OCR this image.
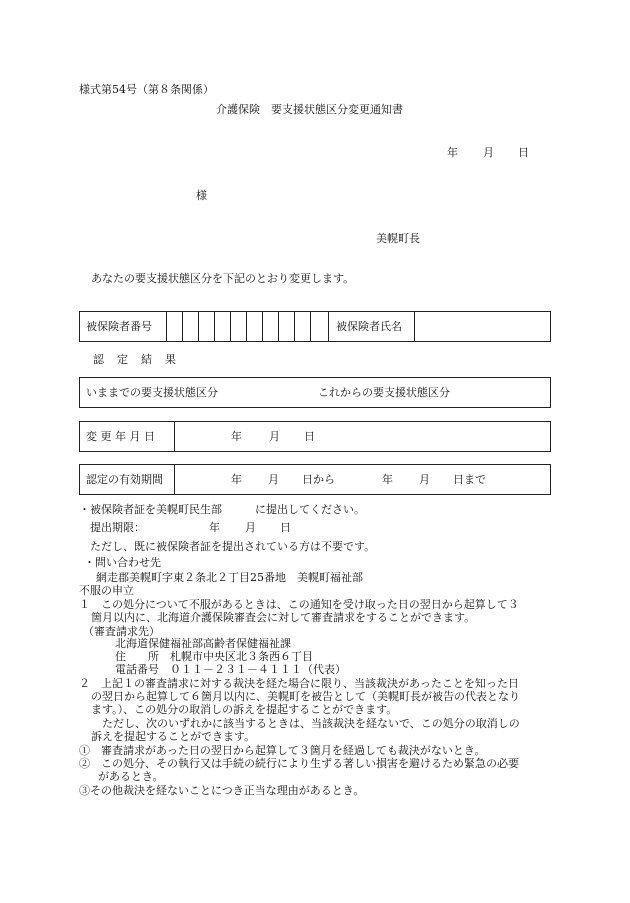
様式第54号（第８条関係）
介護保険　要支援状態区分変更通知書
年 月 日
様
美幌町長
あなたの要支援状態区分を下記のとおり変更します。
被保険者番号	被保険者氏名
認　定　結　果
いままでの要支援状態区分	これからの要支援状態区分
変 更 年 月 日	年 月 日
認定の有効期間	年 月 日から	年 月 日まで
・被保険者証を美幌町民生部　　　に提出してください。
提出期限：	年 月 日
ただし、既に被保険者証を提出されている方は不要です。
・問い合わせ先
網走郡美幌町字東２条北２丁目25番地　美幌町福祉部
不服の申立
１　この処分について不服があるときは、この通知を受け取った日の翌日から起算して３
箇月以内に、北海道介護保険審査会に対して審査請求をすることができます。
（審査請求先）
北海道保健福祉部高齢者保健福祉課
住　　所　札幌市中央区北３条西６丁目
電話番号　０１１－２３１－４１１１（代表）
２　上記１の審査請求に対する裁決を経た場合に限り、当該裁決があったことを知った日
の翌日から起算して６箇月以内に、美幌町を被告として（美幌町長が被告の代表となり
ます。）、この処分の取消しの訴えを提起することができます。
ただし、次のいずれかに該当するときは、当該裁決を経ないで、この処分の取消しの
訴えを提起することができます。
①　審査請求があった日の翌日から起算して３箇月を経過しても裁決がないとき。
②　この処分、その執行又は手続の続行により生ずる著しい損害を避けるため緊急の必要
があるとき。
③その他裁決を経ないことにつき正当な理由があるとき。
